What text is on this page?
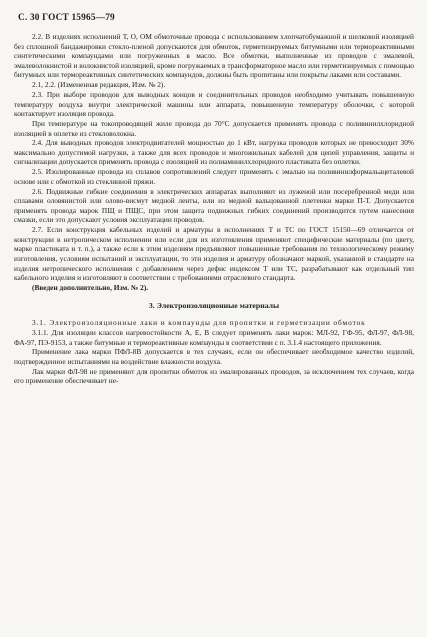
С. 30 ГОСТ 15965—79

2.2. В изделиях исполнений Т, О, ОМ обмоточные провода с использованием хлопчатобумажной и шелковой изоляцией без сплошной бандажировки стекло-пленой допускаются для обмоток, герметизируемых битумными или термореактивными синтетическими компаундами или погруженных в масло. Все обмотки, выполненные из проводов с эмалевой, эмалеволокнистой и волокнистой изоляцией, кроме погружаемых в трансформаторное масло или герметизируемых с помощью битумных или термореактивных синтетических компаундов, должны быть пропитаны или покрыты лаками или составами.

2.1, 2.2. (Измененная редакция, Изм. № 2).

2.3. При выборе проводов для выводных концов и соединительных проводов необходимо учитывать повышенную температуру воздуха внутри электрической машины или аппарата, повышенную температуру оболочки, с которой контактирует изоляция провода.

При температуре на токопроводящей жиле провода до 70°С допускается применять провода с поливинилхлоридной изоляцией в оплетке из стекловолокна.

2.4. Для выводных проводов электродвигателей мощностью до 1 кВт, нагрузка проводов которых не превосходит 30% максимально допустимой нагрузки, а также для всех проводов и многожильных кабелей для цепей управления, защиты и сигнализации допускается применять провода с изоляцией из полиаминилхлоридного пластиката без оплетки.

2.5. Изолированные провода из сплавов сопротивлений следует применять с эмалью на поливинилформальацеталевой основе или с обмоткой из стеклянной пряжи.

2.6. Подвижные гибкие соединения в электрических аппаратах выполняют из луженой или посеребренной меди или сплавами оловянистой или олово-висмут медной ленты, или из медной вальцованной плетенки марки П-Т. Допускается применять провода марок ПЩ и ПЩС, при этом защита подвижных гибких соединений производится путем нанесения смазки, если это допускают условия эксплуатации проводов.

2.7. Если конструкция кабельных изделий и арматуры в исполнениях Т и ТС по ГОСТ 15150—69 отличается от конструкции в нетропическом исполнении или если для их изготовления применяют специфические материалы (по цвету, марке пластиката и т. п.), а также если к этим изделиям предъявляют повышенные требования по технологическому режиму изготовления, условиям испытаний и эксплуатации, то эти изделия и арматуру обозначают маркой, указанной в стандарте на изделия нетропического исполнения с добавлением через дефис индексом Т или ТС, разрабатывают как отдельный тип кабельного изделия и изготовляют в соответствии с требованиями отраслевого стандарта.

(Введен дополнительно, Изм. № 2).

3. Электроизоляционные материалы

3.1. Электроизоляционные лаки и компаунды для пропитки и герметизации обмоток

3.1.1. Для изоляции классов нагревостойкости А, Е, В следует применять лаки марок: МЛ-92, ГФ-95, ФЛ-97, ФЛ-98, ФА-97, ПЭ-9153, а также битумные и термореактивные компаунды в соответствии с п. 3.1.4 настоящего приложения.

Применение лака марки ПФЛ-8В допускается в тех случаях, если он обеспечивает необходимое качество изделий, подтвержденное испытаниями на воздействие влажности воздуха.

Лак марки ФЛ-98 не применяют для пропитки обмоток из эмалированных проводов, за исключением тех случаев, когда его применение обеспечивает не-
